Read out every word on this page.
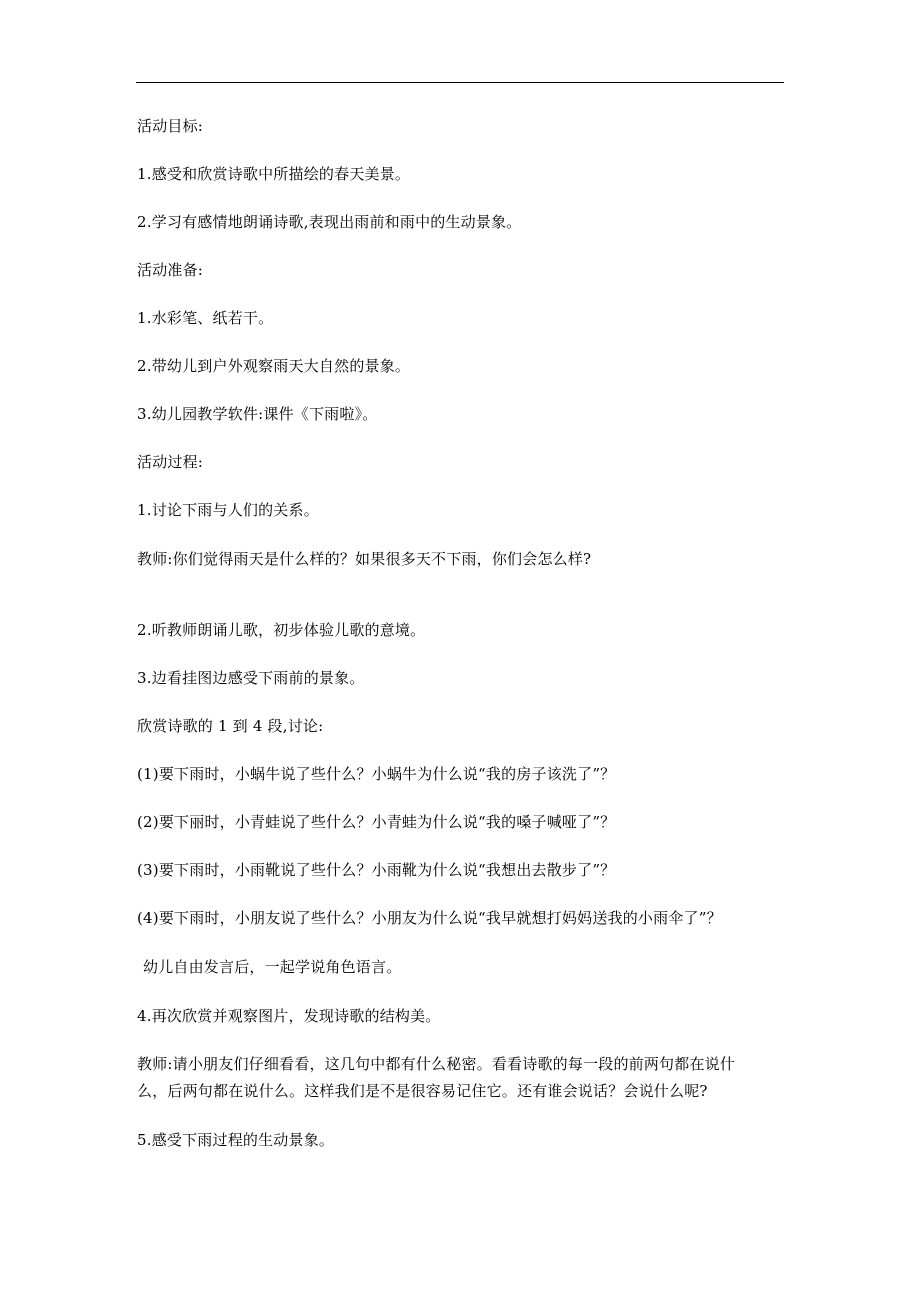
活动目标:
1.感受和欣赏诗歌中所描绘的春天美景。
2.学习有感情地朗诵诗歌,表现出雨前和雨中的生动景象。
活动准备:
1.水彩笔、纸若干。
2.带幼儿到户外观察雨天大自然的景象。
3.幼儿园教学软件:课件《下雨啦》。
活动过程:
1.讨论下雨与人们的关系。
教师:你们觉得雨天是什么样的？如果很多天不下雨，你们会怎么样?
2.听教师朗诵儿歌，初步体验儿歌的意境。
3.边看挂图边感受下雨前的景象。
欣赏诗歌的 1 到 4 段,讨论:
(1)要下雨时，小蜗牛说了些什么？小蜗牛为什么说“我的房子该洗了”？
(2)要下丽时，小青蛙说了些什么？小青蛙为什么说“我的嗓子喊哑了”？
(3)要下雨时，小雨靴说了些什么？小雨靴为什么说“我想出去散步了”？
(4)要下雨时，小朋友说了些什么？小朋友为什么说“我早就想打妈妈送我的小雨伞了”？
幼儿自由发言后，一起学说角色语言。
4.再次欣赏并观察图片，发现诗歌的结构美。
教师:请小朋友们仔细看看，这几句中都有什么秘密。看看诗歌的每一段的前两句都在说什
么，后两句都在说什么。这样我们是不是很容易记住它。还有谁会说话？会说什么呢?
5.感受下雨过程的生动景象。
